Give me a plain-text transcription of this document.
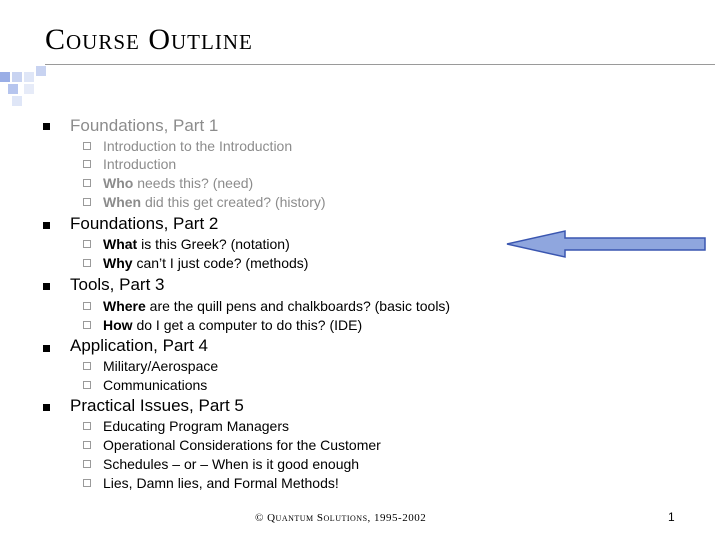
Course Outline
Foundations, Part 1
Introduction to the Introduction
Introduction
Who needs this? (need)
When did this get created? (history)
Foundations, Part 2
What is this Greek? (notation)
Why can’t I just code? (methods)
Tools, Part 3
Where are the quill pens and chalkboards? (basic tools)
How do I get a computer to do this? (IDE)
Application, Part 4
Military/Aerospace
Communications
Practical Issues, Part 5
Educating Program Managers
Operational Considerations for the Customer
Schedules – or – When is it good enough
Lies, Damn lies, and Formal Methods!
© Quantum Solutions, 1995-2002	1
